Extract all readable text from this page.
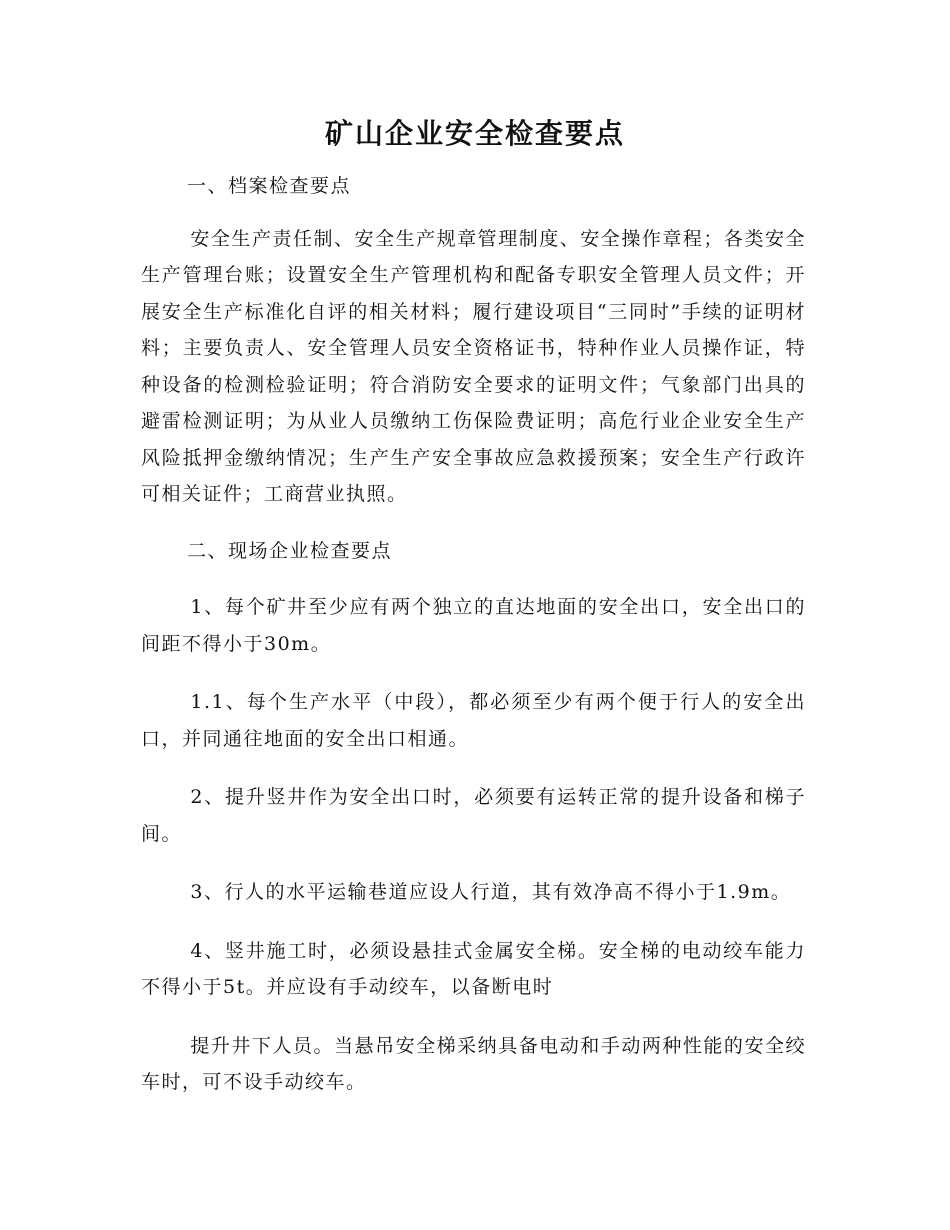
矿山企业安全检查要点

一、档案检查要点

安全生产责任制、安全生产规章管理制度、安全操作章程；各类安全生产管理台账；设置安全生产管理机构和配备专职安全管理人员文件；开展安全生产标准化自评的相关材料；履行建设项目“三同时”手续的证明材料；主要负责人、安全管理人员安全资格证书，特种作业人员操作证，特种设备的检测检验证明；符合消防安全要求的证明文件；气象部门出具的避雷检测证明；为从业人员缴纳工伤保险费证明；高危行业企业安全生产风险抵押金缴纳情况；生产生产安全事故应急救援预案；安全生产行政许可相关证件；工商营业执照。

二、现场企业检查要点

1、每个矿井至少应有两个独立的直达地面的安全出口，安全出口的间距不得小于30m。

1.1、每个生产水平（中段），都必须至少有两个便于行人的安全出口，并同通往地面的安全出口相通。

2、提升竖井作为安全出口时，必须要有运转正常的提升设备和梯子间。

3、行人的水平运输巷道应设人行道，其有效净高不得小于1.9m。

4、竖井施工时，必须设悬挂式金属安全梯。安全梯的电动绞车能力不得小于5t。并应设有手动绞车，以备断电时

提升井下人员。当悬吊安全梯采纳具备电动和手动两种性能的安全绞车时，可不设手动绞车。
